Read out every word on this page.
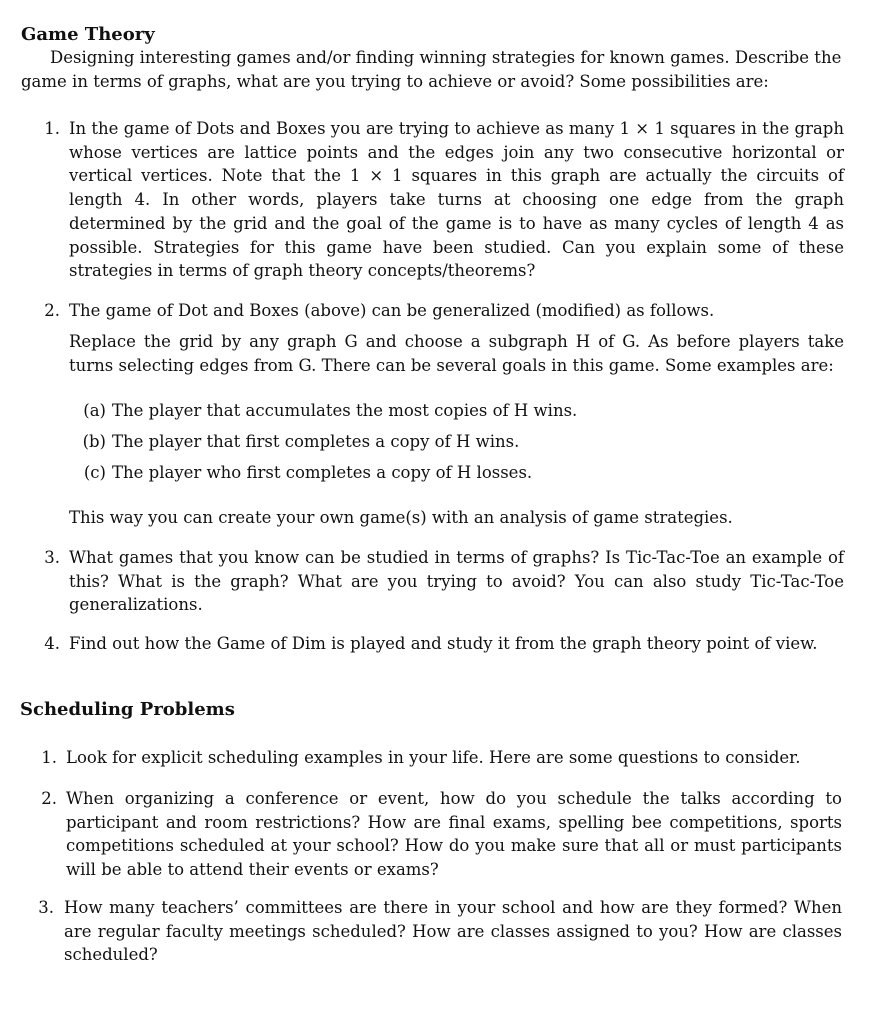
Game Theory

Designing interesting games and/or finding winning strategies for known games. Describe the

game in terms of graphs, what are you trying to achieve or avoid? Some possibilities are:

1. In the game of Dots and Boxes you are trying to achieve as many 1 × 1 squares in the graph whose vertices are lattice points and the edges join any two consecutive horizontal or vertical vertices. Note that the 1 × 1 squares in this graph are actually the circuits of length 4. In other words, players take turns at choosing one edge from the graph determined by the grid and the goal of the game is to have as many cycles of length 4 as possible. Strategies for this game have been studied. Can you explain some of these strategies in terms of graph theory concepts/theorems?

2. The game of Dot and Boxes (above) can be generalized (modified) as follows.

Replace the grid by any graph G and choose a subgraph H of G. As before players take turns selecting edges from G. There can be several goals in this game. Some examples are:

(a) The player that accumulates the most copies of H wins.

(b) The player that first completes a copy of H wins.

(c) The player who first completes a copy of H losses.

This way you can create your own game(s) with an analysis of game strategies.

3. What games that you know can be studied in terms of graphs? Is Tic-Tac-Toe an example of this? What is the graph? What are you trying to avoid? You can also study Tic-Tac-Toe generalizations.

4. Find out how the Game of Dim is played and study it from the graph theory point of view.

Scheduling Problems
1. Look for explicit scheduling examples in your life. Here are some questions to consider.

2. When organizing a conference or event, how do you schedule the talks according to participant and room restrictions? How are final exams, spelling bee competitions, sports competitions scheduled at your school? How do you make sure that all or must participants will be able to attend their events or exams?

3. How many teachers’ committees are there in your school and how are they formed? When are regular faculty meetings scheduled? How are classes assigned to you? How are classes scheduled?
